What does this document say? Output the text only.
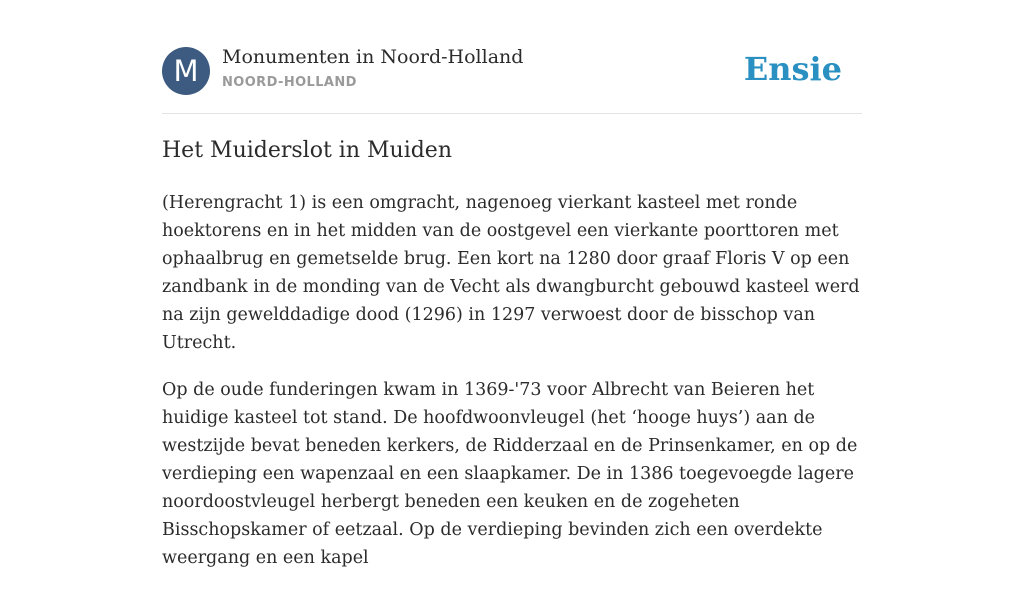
M	Monumenten in Noord-Holland
NOORD-HOLLAND	Ensie
Het Muiderslot in Muiden

(Herengracht 1) is een omgracht, nagenoeg vierkant kasteel met ronde hoektorens en in het midden van de oostgevel een vierkante poorttoren met ophaalbrug en gemetselde brug. Een kort na 1280 door graaf Floris V op een zandbank in de monding van de Vecht als dwangburcht gebouwd kasteel werd na zijn gewelddadige dood (1296) in 1297 verwoest door de bisschop van Utrecht.

Op de oude funderingen kwam in 1369-'73 voor Albrecht van Beieren het huidige kasteel tot stand. De hoofdwoonvleugel (het ‘hooge huys’) aan de westzijde bevat beneden kerkers, de Ridderzaal en de Prinsenkamer, en op de verdieping een wapenzaal en een slaapkamer. De in 1386 toegevoegde lagere noordoostvleugel herbergt beneden een keuken en de zogeheten Bisschopskamer of eetzaal. Op de verdieping bevinden zich een overdekte weergang en een kapel
